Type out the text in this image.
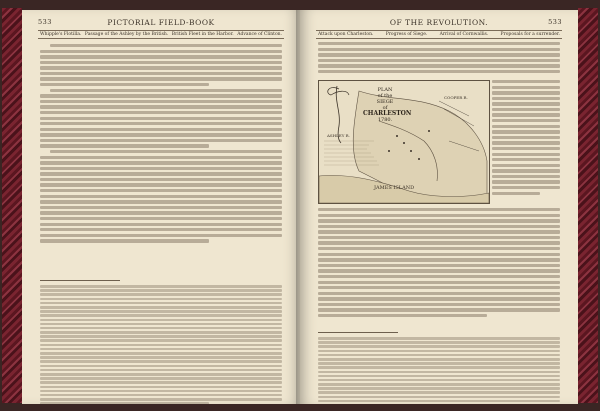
533	PICTORIAL FIELD-BOOK
Whipple's Flotilla. Passage of the Ashley by the British. British Fleet in the Harbor. Advance of Clinton.
OF THE REVOLUTION.	533
Attack upon Charleston.	Progress of Siege.	Arrival of Cornwallis.	Proposals for a surrender.
JAMES ISLAND
ASHLEY R.
COOPER R.
PLAN
of the
SIEGE
of
CHARLESTON
1780.
